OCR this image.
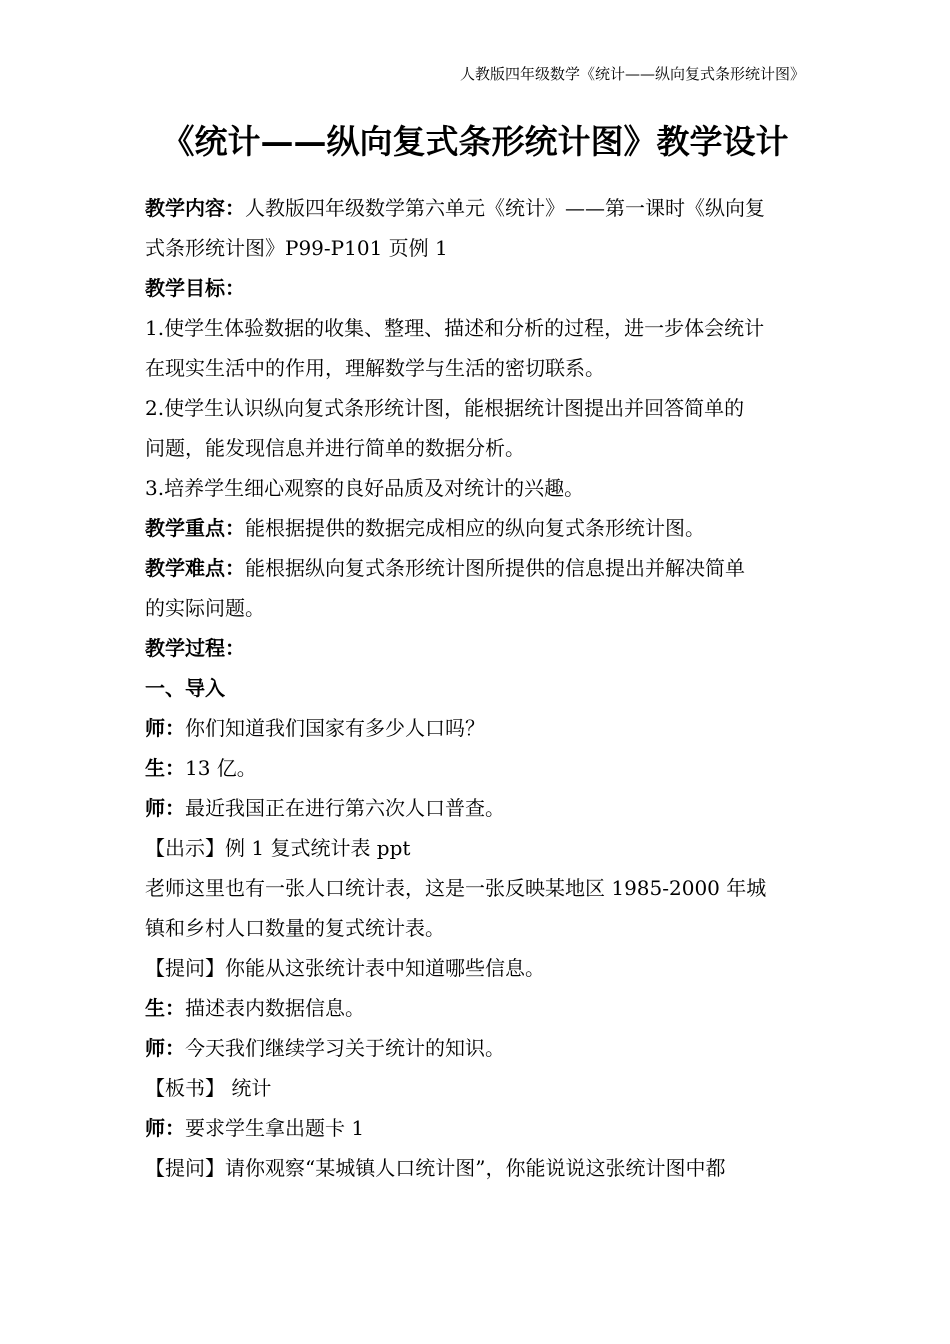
人教版四年级数学《统计——纵向复式条形统计图》
《统计——纵向复式条形统计图》教学设计
教学内容：人教版四年级数学第六单元《统计》——第一课时《纵向复
式条形统计图》P99-P101 页例 1
教学目标：
1.使学生体验数据的收集、整理、描述和分析的过程，进一步体会统计
在现实生活中的作用，理解数学与生活的密切联系。
2.使学生认识纵向复式条形统计图，能根据统计图提出并回答简单的
问题，能发现信息并进行简单的数据分析。
3.培养学生细心观察的良好品质及对统计的兴趣。
教学重点：能根据提供的数据完成相应的纵向复式条形统计图。
教学难点：能根据纵向复式条形统计图所提供的信息提出并解决简单
的实际问题。
教学过程：
一、导入
师：你们知道我们国家有多少人口吗？
生：13 亿。
师：最近我国正在进行第六次人口普查。
【出示】例 1 复式统计表 ppt
老师这里也有一张人口统计表，这是一张反映某地区 1985-2000 年城
镇和乡村人口数量的复式统计表。
【提问】你能从这张统计表中知道哪些信息。
生：描述表内数据信息。
师：今天我们继续学习关于统计的知识。
【板书】 统计
师：要求学生拿出题卡 1
【提问】请你观察“某城镇人口统计图”，你能说说这张统计图中都
